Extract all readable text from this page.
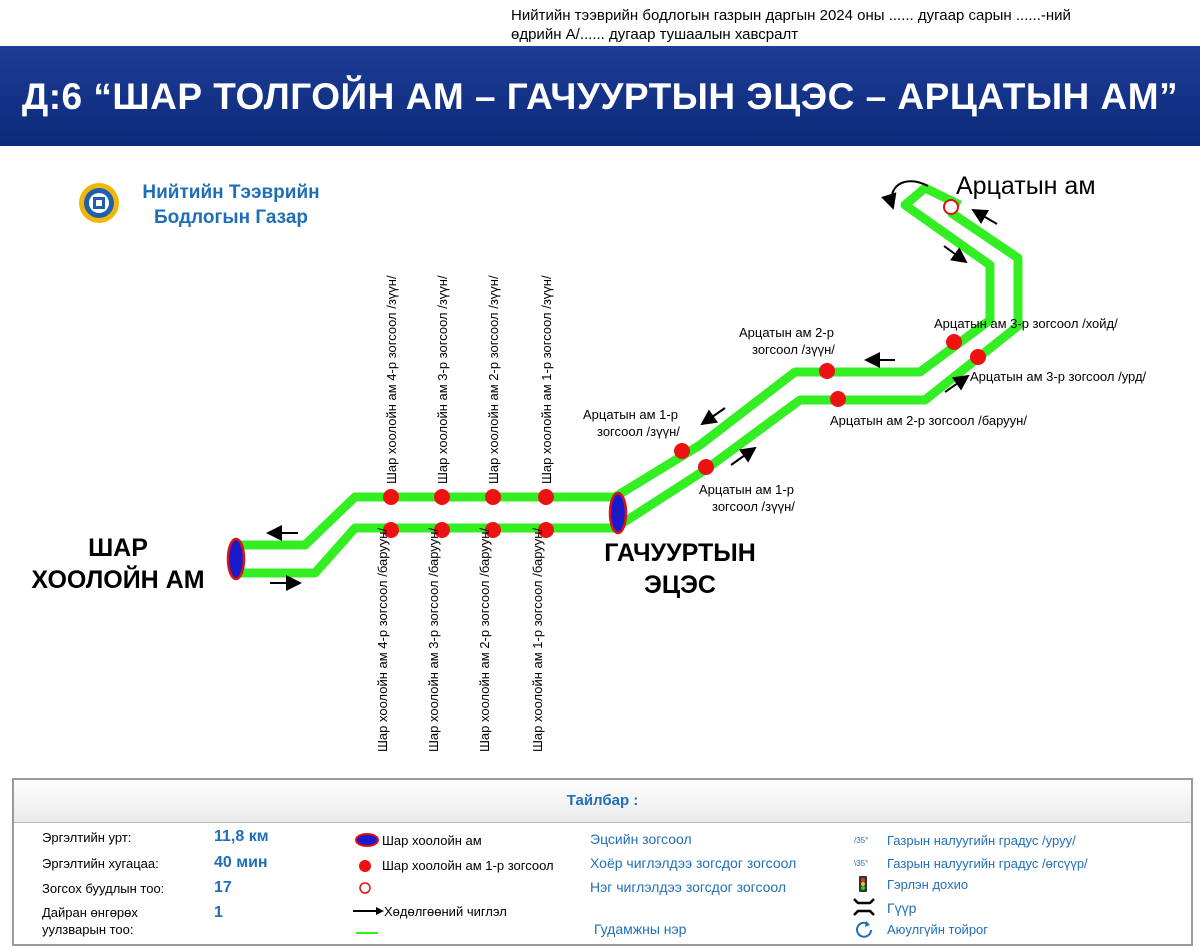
Нийтийн тээврийн бодлогын газрын даргын 2024 оны ...... дугаар сарын ......-ний
өдрийн А/...... дугаар тушаалын хавсралт
Д:6 “ШАР ТОЛГОЙН АМ – ГАЧУУРТЫН ЭЦЭС – АРЦАТЫН АМ”
Нийтийн Тээврийн
Бодлогын Газар
ШАР
ХООЛОЙН АМ
ГАЧУУРТЫН
ЭЦЭС
Арцатын ам
Шар хоолойн ам 4-р зогсоол /зүүн/	Шар хоолойн ам 3-р зогсоол /зүүн/	Шар хоолойн ам 2-р зогсоол /зүүн/	Шар хоолойн ам 1-р зогсоол /зүүн/
Шар хоолойн ам 4-р зогсоол /баруун/	Шар хоолойн ам 3-р зогсоол /баруун/	Шар хоолойн ам 2-р зогсоол /баруун/	Шар хоолойн ам 1-р зогсоол /баруун/
Арцатын ам 1-р
зогсоол /зүүн/
Арцатын ам 1-р
зогсоол /зүүн/
Арцатын ам 2-р
зогсоол /зүүн/
Арцатын ам 2-р зогсоол /баруун/
Арцатын ам 3-р зогсоол /хойд/
Арцатын ам 3-р зогсоол /урд/
Тайлбар :
Эргэлтийн урт:	11,8 км
Эргэлтийн хугацаа:	40 мин
Зогсох буудлын тоо:	17
Дайран өнгөрөх
уулзварын тоо:
1
Шар хоолойн ам
Шар хоолойн ам 1-р зогсоол
Хөдөлгөөний чиглэл
Эцсийн зогсоол
Хоёр чиглэлдээ зогсдог зогсоол
Нэг чиглэлдээ зогсдог зогсоол
Гудамжны нэр
/35° Газрын налуугийн градус /уруу/
\35° Газрын налуугийн градус /өгсүүр/
Гэрлэн дохио
Гүүр
Аюулгүйн тойрог
